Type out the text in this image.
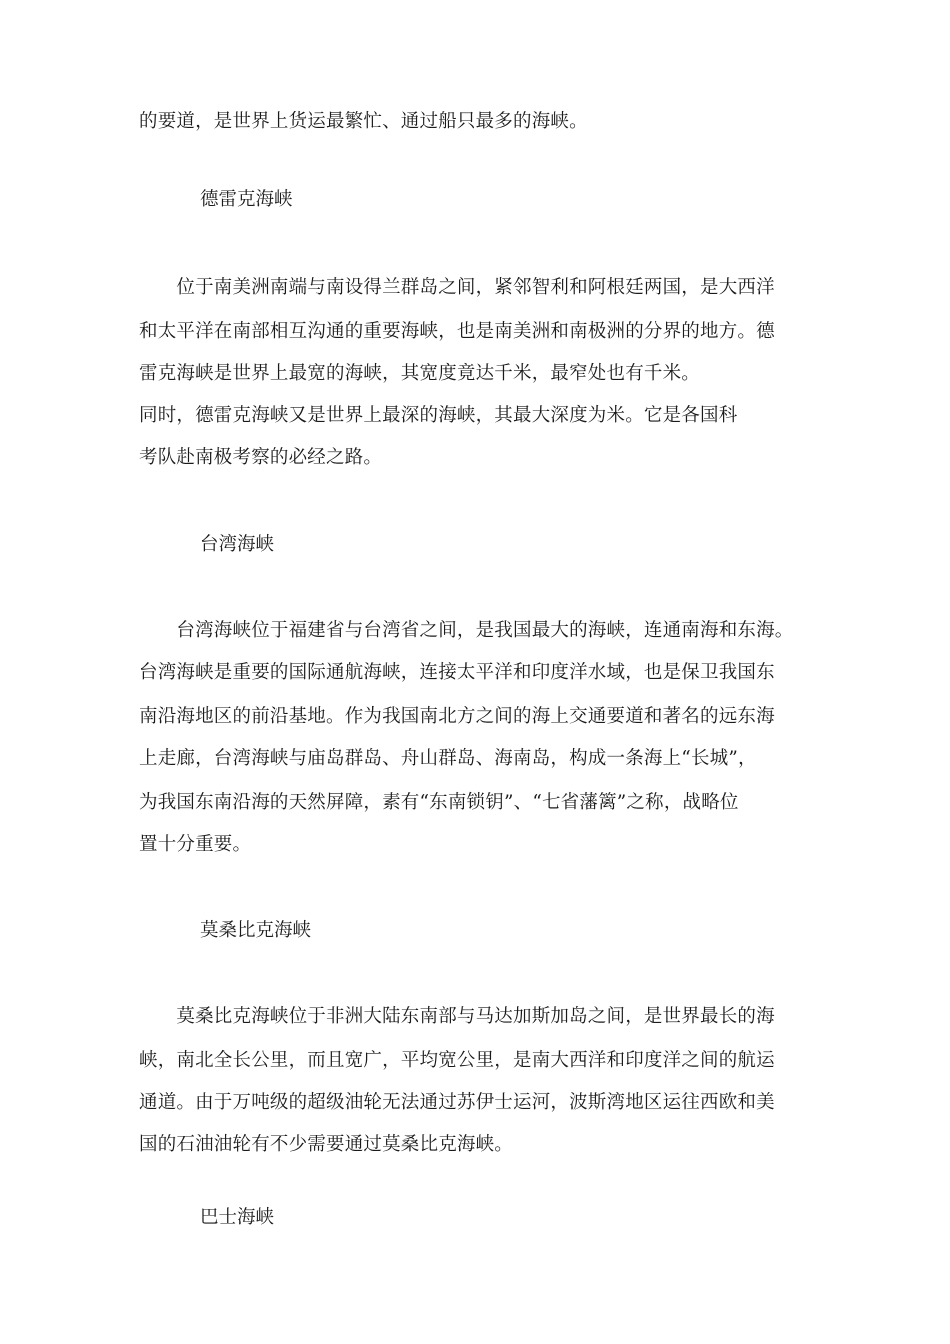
的要道，是世界上货运最繁忙、通过船只最多的海峡。
德雷克海峡
　　位于南美洲南端与南设得兰群岛之间，紧邻智利和阿根廷两国，是大西洋
和太平洋在南部相互沟通的重要海峡，也是南美洲和南极洲的分界的地方。德
雷克海峡是世界上最宽的海峡，其宽度竟达千米，最窄处也有千米。
同时，德雷克海峡又是世界上最深的海峡，其最大深度为米。它是各国科
考队赴南极考察的必经之路。
台湾海峡
　　台湾海峡位于福建省与台湾省之间，是我国最大的海峡，连通南海和东海。
台湾海峡是重要的国际通航海峡，连接太平洋和印度洋水域，也是保卫我国东
南沿海地区的前沿基地。作为我国南北方之间的海上交通要道和著名的远东海
上走廊，台湾海峡与庙岛群岛、舟山群岛、海南岛，构成一条海上“长城”，
为我国东南沿海的天然屏障，素有“东南锁钥”、“七省藩篱”之称，战略位
置十分重要。
莫桑比克海峡
　　莫桑比克海峡位于非洲大陆东南部与马达加斯加岛之间，是世界最长的海
峡，南北全长公里，而且宽广，平均宽公里，是南大西洋和印度洋之间的航运
通道。由于万吨级的超级油轮无法通过苏伊士运河，波斯湾地区运往西欧和美
国的石油油轮有不少需要通过莫桑比克海峡。
巴士海峡
